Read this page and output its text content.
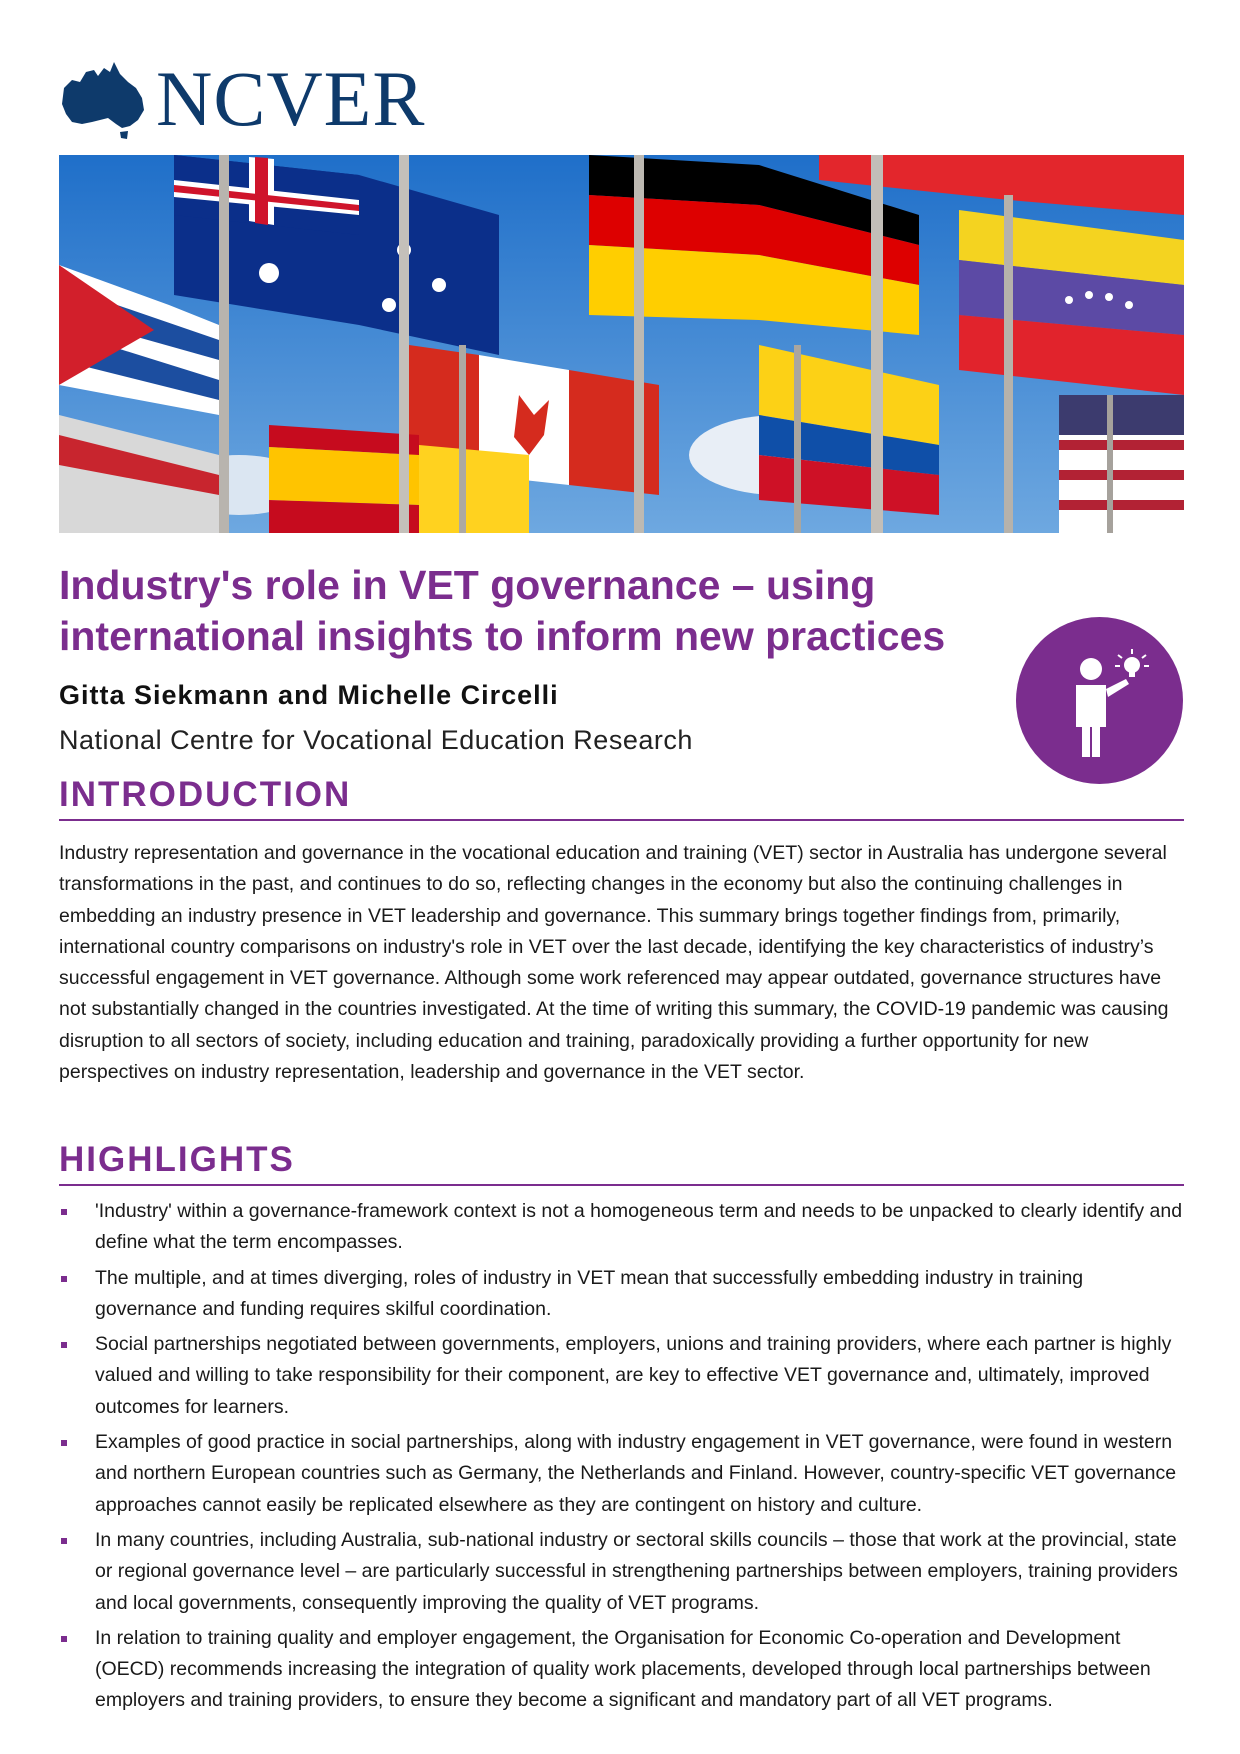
NCVER
Industry's role in VET governance – using
international insights to inform new practices
Gitta Siekmann and Michelle Circelli
National Centre for Vocational Education Research
INTRODUCTION

Industry representation and governance in the vocational education and training (VET) sector in Australia has undergone several transformations in the past, and continues to do so, reflecting changes in the economy but also the continuing challenges in embedding an industry presence in VET leadership and governance. This summary brings together findings from, primarily, international country comparisons on industry's role in VET over the last decade, identifying the key characteristics of industry’s successful engagement in VET governance. Although some work referenced may appear outdated, governance structures have not substantially changed in the countries investigated. At the time of writing this summary, the COVID-19 pandemic was causing disruption to all sectors of society, including education and training, paradoxically providing a further opportunity for new perspectives on industry representation, leadership and governance in the VET sector.

HIGHLIGHTS
'Industry' within a governance-framework context is not a homogeneous term and needs to be unpacked to clearly identify and define what the term encompasses.
The multiple, and at times diverging, roles of industry in VET mean that successfully embedding industry in training governance and funding requires skilful coordination.
Social partnerships negotiated between governments, employers, unions and training providers, where each partner is highly valued and willing to take responsibility for their component, are key to effective VET governance and, ultimately, improved outcomes for learners.
Examples of good practice in social partnerships, along with industry engagement in VET governance, were found in western and northern European countries such as Germany, the Netherlands and Finland. However, country-specific VET governance approaches cannot easily be replicated elsewhere as they are contingent on history and culture.
In many countries, including Australia, sub-national industry or sectoral skills councils – those that work at the provincial, state or regional governance level – are particularly successful in strengthening partnerships between employers, training providers and local governments, consequently improving the quality of VET programs.
In relation to training quality and employer engagement, the Organisation for Economic Co-operation and Development (OECD) recommends increasing the integration of quality work placements, developed through local partnerships between employers and training providers, to ensure they become a significant and mandatory part of all VET programs.
